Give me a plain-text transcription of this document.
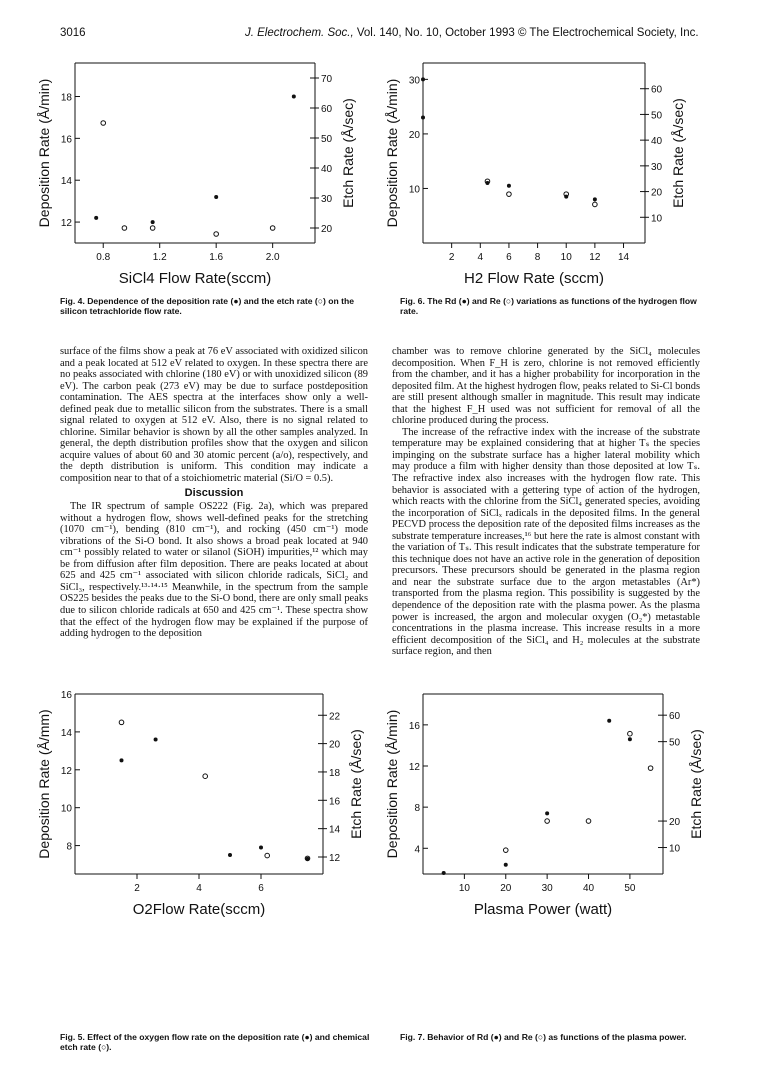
3016	J. Electrochem. Soc., Vol. 140, No. 10, October 1993 © The Electrochemical Society, Inc.
0.8	1.2	1.6	2.0
12
14
16
18
20
30
40
50
60
70
SiCl4 Flow Rate(sccm)
Deposition Rate (Å/min)	Etch Rate (Å/sec)
Fig. 4. Dependence of the deposition rate (●) and the etch rate (○) on the silicon tetrachloride flow rate.
2 4 6 8 10 12 14
10
20
30
10
20
30
40
50
60
H2 Flow Rate (sccm)
Deposition Rate (Å/min)	Etch Rate (Å/sec)
Fig. 6. The Rd (●) and Re (○) variations as functions of the hydrogen flow rate.

surface of the films show a peak at 76 eV associated with oxidized silicon and a peak located at 512 eV related to oxygen. In these spectra there are no peaks associated with chlorine (180 eV) or with unoxidized silicon (89 eV). The carbon peak (273 eV) may be due to surface postdeposition contamination. The AES spectra at the interfaces show only a well-defined peak due to metallic silicon from the substrates. There is a small signal related to oxygen at 512 eV. Also, there is no signal related to chlorine. Similar behavior is shown by all the other samples analyzed. In general, the depth distribution profiles show that the oxygen and silicon acquire values of about 60 and 30 atomic percent (a/o), respectively, and the depth distribution is uniform. This condition may indicate a composition near to that of a stoichiometric material (Si/O = 0.5).

Discussion

The IR spectrum of sample OS222 (Fig. 2a), which was prepared without a hydrogen flow, shows well-defined peaks for the stretching (1070 cm⁻¹), bending (810 cm⁻¹), and rocking (450 cm⁻¹) mode vibrations of the Si-O bond. It also shows a broad peak located at 940 cm⁻¹ possibly related to water or silanol (SiOH) impurities,¹² which may be from diffusion after film deposition. There are peaks located at about 625 and 425 cm⁻¹ associated with silicon chloride radicals, SiCl₂ and SiCl₃, respectively.¹³·¹⁴·¹⁵ Meanwhile, in the spectrum from the sample OS225 besides the peaks due to the Si-O bond, there are only small peaks due to silicon chloride radicals at 650 and 425 cm⁻¹. These spectra show that the effect of the hydrogen flow may be explained if the purpose of adding hydrogen to the deposition

chamber was to remove chlorine generated by the SiCl₄ molecules decomposition. When F_H is zero, chlorine is not removed efficiently from the chamber, and it has a higher probability for incorporation in the deposited film. At the highest hydrogen flow, peaks related to Si-Cl bonds are still present although smaller in magnitude. This result may indicate that the highest F_H used was not sufficient for removal of all the chlorine produced during the process.

The increase of the refractive index with the increase of the substrate temperature may be explained considering that at higher Tₛ the species impinging on the substrate surface has a higher lateral mobility which may produce a film with higher density than those deposited at low Tₛ. The refractive index also increases with the hydrogen flow rate. This behavior is associated with a gettering type of action of the hydrogen, which reacts with the chlorine from the SiCl₄ generated species, avoiding the incorporation of SiClₓ radicals in the deposited films. In the general PECVD process the deposition rate of the deposited films increases as the substrate temperature increases,¹⁶ but here the rate is almost constant with the variation of Tₛ. This result indicates that the substrate temperature for this technique does not have an active role in the generation of deposition precursors. These precursors should be generated in the plasma region and near the substrate surface due to the argon metastables (Ar*) transported from the plasma region. This possibility is suggested by the dependence of the deposition rate with the plasma power. As the plasma power is increased, the argon and molecular oxygen (O₂*) metastable concentrations in the plasma increase. This increase results in a more efficient decomposition of the SiCl₄ and H₂ molecules at the substrate surface region, and then

2	4	6
8
10
12
14
16
12
14
16
18
20
22
O2Flow Rate(sccm)
Deposition Rate (Å/mm)	Etch Rate (Å/sec)
Fig. 5. Effect of the oxygen flow rate on the deposition rate (●) and chemical etch rate (○).
10	20	30	40	50
4
8
12
16
10
20
50
60
Plasma Power (watt)
Deposition Rate (Å/min)	Etch Rate (Å/sec)
Fig. 7. Behavior of Rd (●) and Re (○) as functions of the plasma power.
